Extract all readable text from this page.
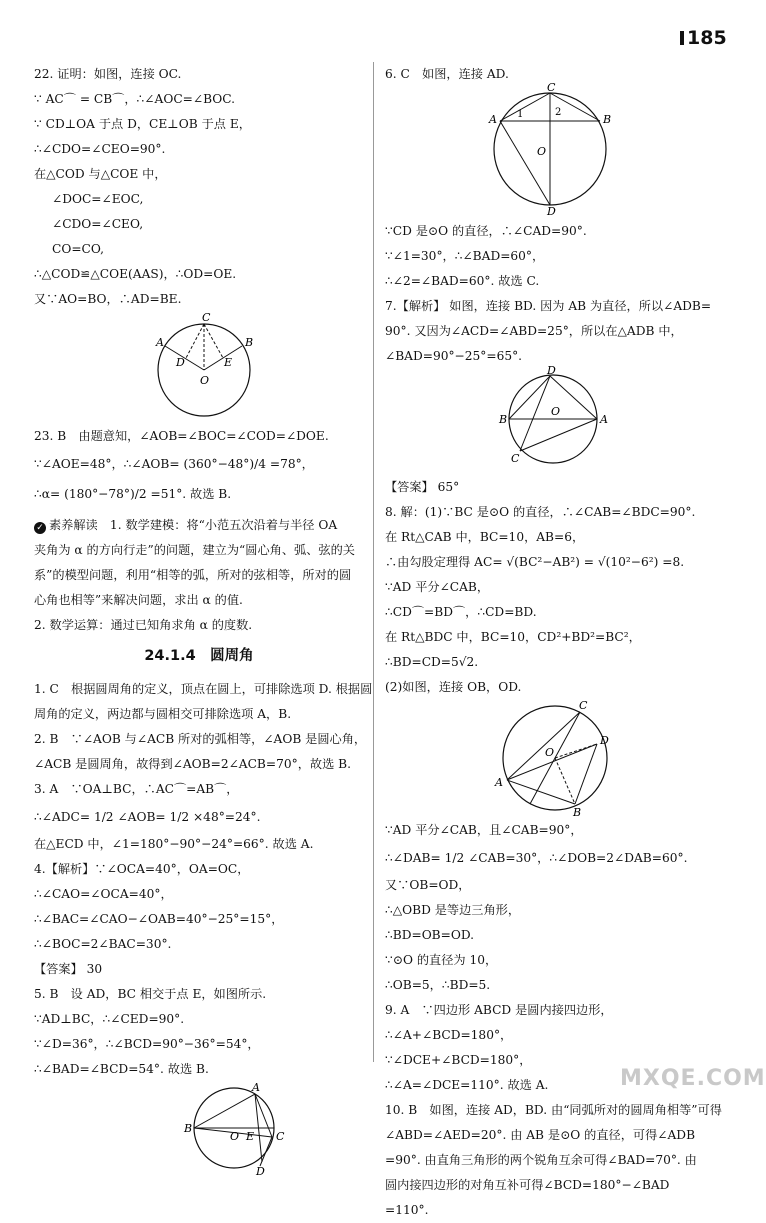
185
22. 证明：如图，连接 OC.
∵ AC⌒ = CB⌒，∴∠AOC=∠BOC.
∵ CD⊥OA 于点 D，CE⊥OB 于点 E，
∴∠CDO=∠CEO=90°.
在△COD 与△COE 中，
∠DOC=∠EOC,
∠CDO=∠CEO,
CO=CO,
∴△COD≌△COE(AAS)，∴OD=OE.
又∵AO=BO，∴AD=BE.
C
A	B
D	E
O
23. B　由题意知，∠AOB=∠BOC=∠COD=∠DOE.
∵∠AOE=48°，∴∠AOB= (360°−48°)/4 =78°，
∴α= (180°−78°)/2 =51°. 故选 B.
✓ 素养解读　1. 数学建模：将“小范五次沿着与半径 OA
夹角为 α 的方向行走”的问题，建立为“圆心角、弧、弦的关
系”的模型问题，利用“相等的弧，所对的弦相等，所对的圆
心角也相等”来解决问题，求出 α 的值.
2. 数学运算：通过已知角求角 α 的度数.
24.1.4　圆周角
1. C　根据圆周角的定义，顶点在圆上，可排除选项 D. 根据圆
周角的定义，两边都与圆相交可排除选项 A，B.
2. B　∵∠AOB 与∠ACB 所对的弧相等，∠AOB 是圆心角，
∠ACB 是圆周角，故得到∠AOB=2∠ACB=70°，故选 B.
3. A　∵OA⊥BC，∴AC⌒=AB⌒，
∴∠ADC= 1/2 ∠AOB= 1/2 ×48°=24°.
在△ECD 中，∠1=180°−90°−24°=66°. 故选 A.
4.【解析】∵∠OCA=40°，OA=OC，
∴∠CAO=∠OCA=40°，
∴∠BAC=∠CAO−∠OAB=40°−25°=15°，
∴∠BOC=2∠BAC=30°.
【答案】 30
5. B　设 AD，BC 相交于点 E，如图所示.
∵AD⊥BC，∴∠CED=90°.
∵∠D=36°，∴∠BCD=90°−36°=54°，
∴∠BAD=∠BCD=54°. 故选 B.
A
B
O E C
D
6. C　如图，连接 AD.
C
A	B
1	2
O
D
∵CD 是⊙O 的直径，∴∠CAD=90°.
∵∠1=30°，∴∠BAD=60°，
∴∠2=∠BAD=60°. 故选 C.
7.【解析】 如图，连接 BD. 因为 AB 为直径，所以∠ADB=
90°. 又因为∠ACD=∠ABD=25°，所以在△ADB 中，
∠BAD=90°−25°=65°.
D
B
O
A
C
【答案】 65°
8. 解：(1)∵BC 是⊙O 的直径，∴∠CAB=∠BDC=90°.
在 Rt△CAB 中，BC=10，AB=6，
∴由勾股定理得 AC= √(BC²−AB²) = √(10²−6²) =8.
∵AD 平分∠CAB，
∴CD⌒=BD⌒，∴CD=BD.
在 Rt△BDC 中，BC=10，CD²+BD²=BC²，
∴BD=CD=5√2.
(2)如图，连接 OB，OD.
C
O
D
A
B
∵AD 平分∠CAB，且∠CAB=90°，
∴∠DAB= 1/2 ∠CAB=30°，∴∠DOB=2∠DAB=60°.
又∵OB=OD，
∴△OBD 是等边三角形，
∴BD=OB=OD.
∵⊙O 的直径为 10，
∴OB=5，∴BD=5.
9. A　∵四边形 ABCD 是圆内接四边形，
∴∠A+∠BCD=180°，
∵∠DCE+∠BCD=180°，
∴∠A=∠DCE=110°. 故选 A.
10. B　如图，连接 AD，BD. 由“同弧所对的圆周角相等”可得
∠ABD=∠AED=20°. 由 AB 是⊙O 的直径，可得∠ADB
=90°. 由直角三角形的两个锐角互余可得∠BAD=70°. 由
圆内接四边形的对角互补可得∠BCD=180°−∠BAD
=110°.
MXQE.COM
